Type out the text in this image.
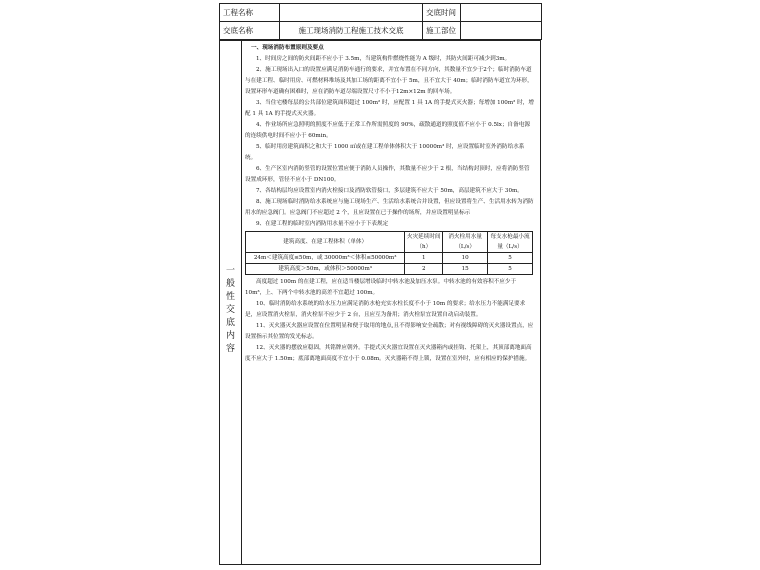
工程名称		交底时间	
交底名称	施工现场消防工程施工技术交底	施工部位	
一
般
性
交
底
内
容

一、现场消防布置原则及要点

1、时间房之间的防火间距不应小于 3.5m，当建筑构件燃烧性能为 A 级时，其防火间距可减少到3m。

2、施工现场出入口的设置应满足消防车通行的要求，并宜布置在不同方向，其数量不宜少于2个；临时消防车道与在建工程、临时用房、可燃材料堆场及其加工场的距离不宜小于 5m，且不宜大于 40m；临时消防车道宜为环形，设置环形车道确有困难时，应在消防车道尽端设置尺寸不小于12m×12m 的回车场。

3、当住宅楼每层的公共部位建筑面积超过 100m² 时，应配置 1 具 1A 的手提式灭火器；每增加 100m² 时，增配 1 具 1A 的手提式灭火器。

4、作业场所应急照明的照度不应低于正常工作所需照度的 90%，疏散通道的照度值不应小于 0.5lx；自备电源的连续供电时间不应小于 60min。

5、临时用房建筑面积之和大于 1000 ㎡或在建工程单体体积大于 10000m³ 时，应设置临时室外消防给水系统。

6、生产区室内消防竖管的设置位置应便于消防人员操作，其数量不应少于 2 根，当结构封顶时，应将消防竖管设置成环形，管径不应小于 DN100。

7、各结构层均应设置室内消火栓接口及消防软管接口，多层建筑不应大于 50m，高层建筑不应大于 30m。

8、施工现场临时消防给水系统应与施工现场生产、生活给水系统合并设置，但应设置将生产、生活用水转为消防用水的应急阀门。应急阀门不应超过 2 个，且应设置在已于操作的场所，并应设置明显标示

9、在建工程的临时室内消防用水量不应小于下表规定

建筑高度、在建工程体积（单体）	火灾延续时间（h）	消火栓用水量（L/s）	每支水枪最小流量（L/s）
24m＜建筑高度≤50m，或 30000m³＜体积≤50000m³	1	10	5
建筑高度＞50m，或体积＞50000m³	2	15	5

高度超过 100m 的在建工程，应在适当楼层增设临时中转水池及加压水泵。中转水池的有效容积不应少于 10m³，上、下两个中转水池的高差不宜超过 100m。

10、临时消防给水系统的给水压力应满足消防水枪充实水柱长度不小于 10m 的要求；给水压力不能满足要求是，应设置消火栓泵，消火栓泵不应少于 2 台，且应互为备用；消火栓泵宜设置自动启动装置。

11、灭火器灭火器应设置在位置明显和便于取用的地点,且不得影响安全疏散；对有视线障碍的灭火器设置点，应设置指示其位置的发光标志。

12、灭火器的摆放应稳固，其铭牌应朝外。手提式灭火器宜设置在灭火器箱内或挂钩、托架上，其顶部离地面高度不应大于 1.50m；底部离地面高度不宜小于 0.08m。灭火器箱不得上锁，设置在室外时，应有相应的保护措施。
